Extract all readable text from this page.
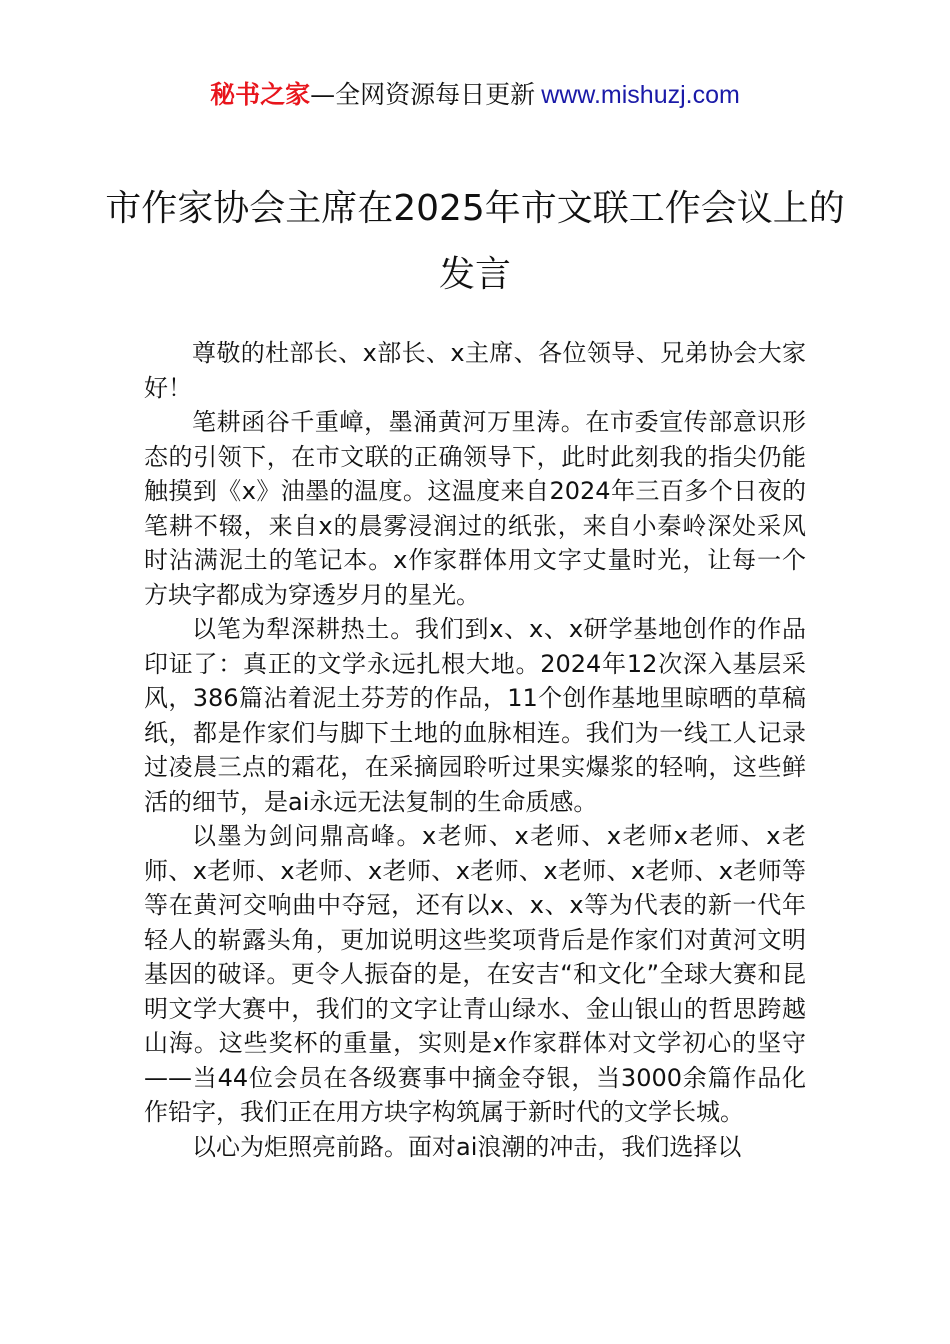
秘书之家—全网资源每日更新 www.mishuzj.com
市作家协会主席在2025年市文联工作会议上的发言

尊敬的杜部长、x部长、x主席、各位领导、兄弟协会大家好！

笔耕函谷千重嶂，墨涌黄河万里涛。在市委宣传部意识形态的引领下，在市文联的正确领导下，此时此刻我的指尖仍能触摸到《x》油墨的温度。这温度来自2024年三百多个日夜的笔耕不辍，来自x的晨雾浸润过的纸张，来自小秦岭深处采风时沾满泥土的笔记本。x作家群体用文字丈量时光，让每一个方块字都成为穿透岁月的星光。

以笔为犁深耕热土。我们到x、x、x研学基地创作的作品印证了：真正的文学永远扎根大地。2024年12次深入基层采风，386篇沾着泥土芬芳的作品，11个创作基地里晾晒的草稿纸，都是作家们与脚下土地的血脉相连。我们为一线工人记录过凌晨三点的霜花，在采摘园聆听过果实爆浆的轻响，这些鲜活的细节，是ai永远无法复制的生命质感。

以墨为剑问鼎高峰。x老师、x老师、x老师x老师、x老师、x老师、x老师、x老师、x老师、x老师、x老师、x老师等等在黄河交响曲中夺冠，还有以x、x、x等为代表的新一代年轻人的崭露头角，更加说明这些奖项背后是作家们对黄河文明基因的破译。更令人振奋的是，在安吉“和文化”全球大赛和昆明文学大赛中，我们的文字让青山绿水、金山银山的哲思跨越山海。这些奖杯的重量，实则是x作家群体对文学初心的坚守——当44位会员在各级赛事中摘金夺银，当3000余篇作品化作铅字，我们正在用方块字构筑属于新时代的文学长城。

以心为炬照亮前路。面对ai浪潮的冲击，我们选择以
